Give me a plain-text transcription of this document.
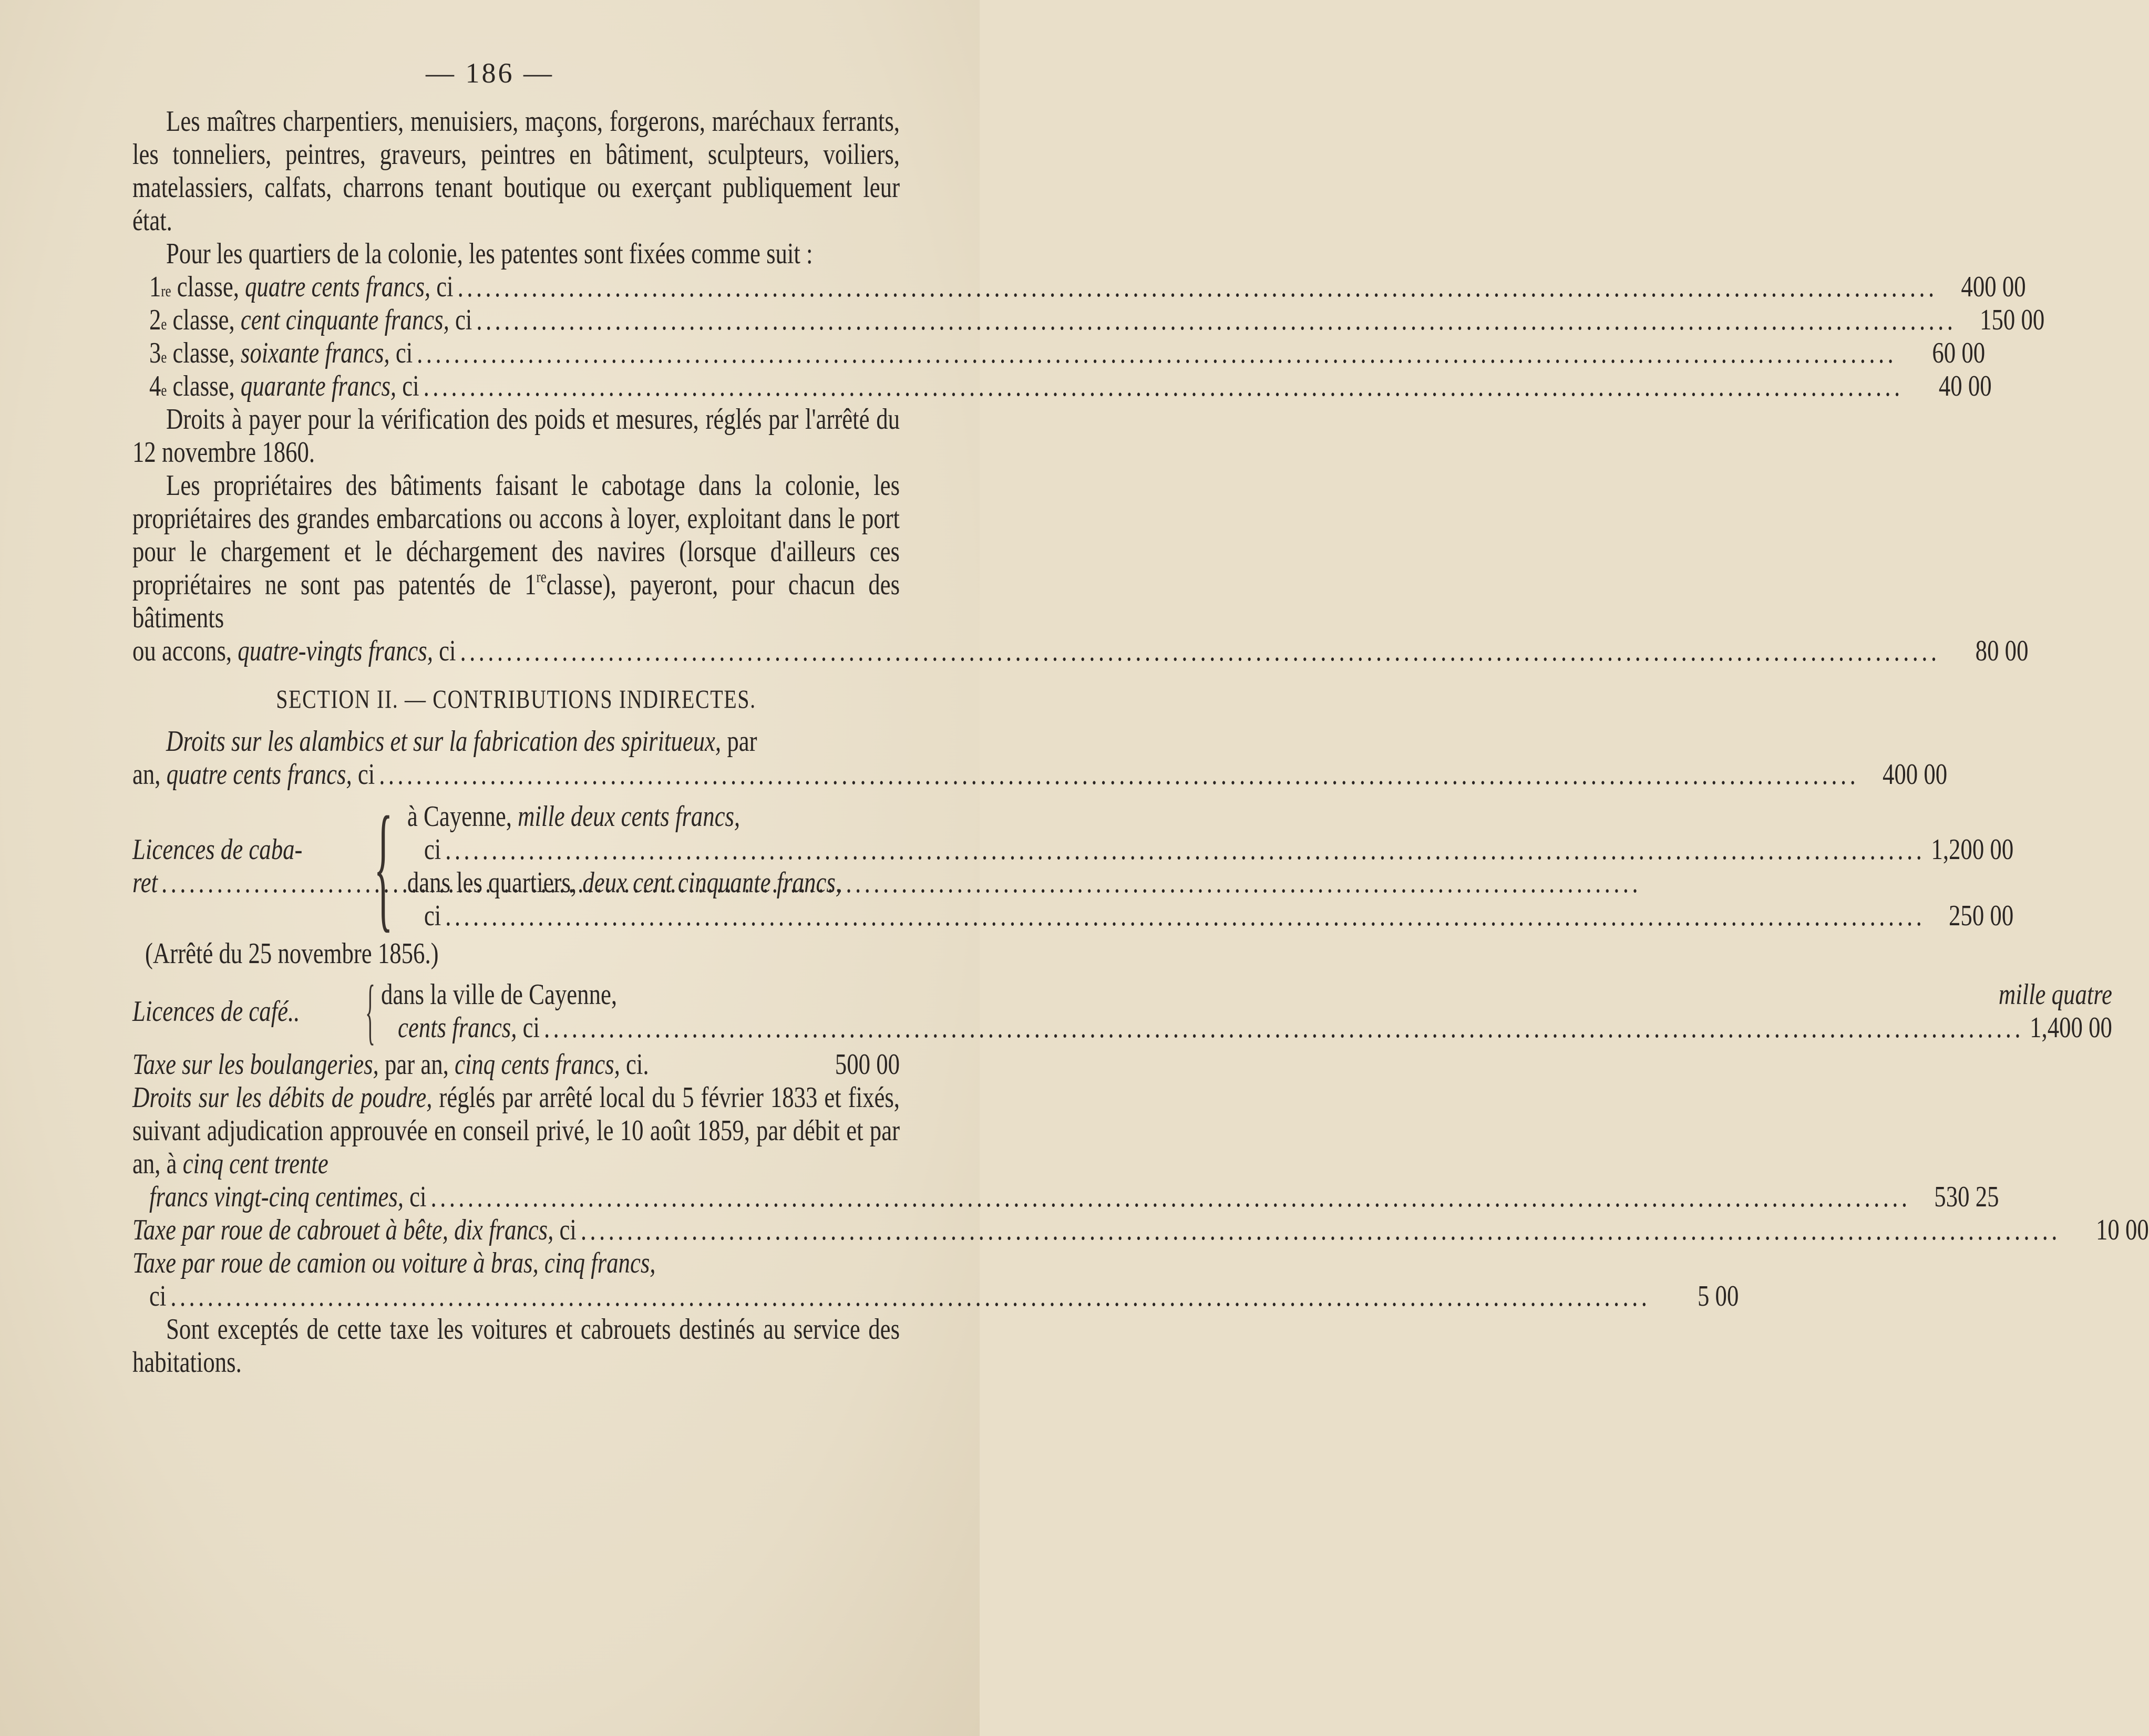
— 186 —

Les maîtres charpentiers, menuisiers, maçons, forgerons, maréchaux ferrants, les tonneliers, peintres, graveurs, peintres en bâtiment, sculpteurs, voiliers, matelassiers, calfats, charrons tenant boutique ou exerçant publiquement leur état.

Pour les quartiers de la colonie, les patentes sont fixées comme suit :

1 re
classe,
quatre cents francs,
ci .....	400 00
2 e
classe,
cent cinquante francs,
ci .....	150 00
3 e
classe,
soixante francs,
ci .....	60 00
4 e
classe,
quarante francs,
ci .....	40 00

Droits à payer pour la vérification des poids et mesures, réglés par l'arrêté du 12 novembre 1860.

Les propriétaires des bâtiments faisant le cabotage dans la colonie, les propriétaires des grandes embarcations ou accons à loyer, exploitant dans le port pour le chargement et le déchargement des navires (lorsque d'ailleurs ces propriétaires ne sont pas patentés de 1reclasse), payeront, pour chacun des bâtiments

ou accons,
quatre-vingts francs,
ci .....	80 00
SECTION II. — CONTRIBUTIONS INDIRECTES.

Droits sur les alambics et sur la fabrication des spiritueux, par

an,
quatre cents francs,
ci .....	400 00

Licences de caba-
ret .....
{ à Cayenne, mille deux cents francs,
ci .....	1,200 00
dans les quartiers, deux cent cinquante francs,
ci .....	250 00
(Arrêté du 25 novembre 1856.)
Licences de café.. { dans la ville de Cayenne,	mille quatre
cents francs,
ci .....	1,400 00
Taxe sur les boulangeries,
par an,
cinq cents francs,
ci.	500 00

Droits sur les débits de poudre, réglés par arrêté local du 5 février 1833 et fixés, suivant adjudication approuvée en conseil privé, le 10 août 1859, par débit et par an, à cinq cent trente

francs vingt-cinq centimes,
ci .....	530 25
Taxe par roue de cabrouet à bête, dix francs,
ci .....	10 00

Taxe par roue de camion ou voiture à bras, cinq francs,

ci .....	5 00

Sont exceptés de cette taxe les voitures et cabrouets destinés au service des habitations.
